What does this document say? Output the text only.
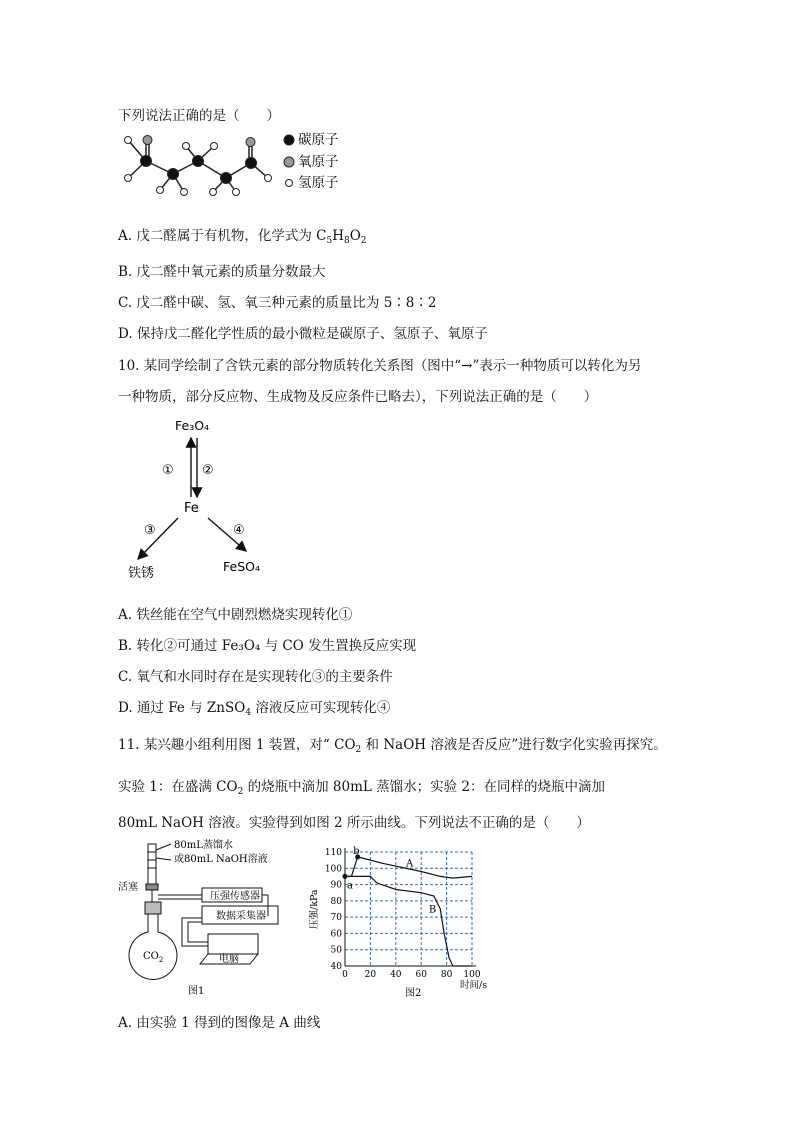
下列说法正确的是（　　）
碳原子
氧原子
氢原子
A. 戊二醛属于有机物，化学式为 $C_5H_8O_2$
B. 戊二醛中氧元素的质量分数最大
C. 戊二醛中碳、氢、氧三种元素的质量比为 5∶8∶2
D. 保持戊二醛化学性质的最小微粒是碳原子、氢原子、氧原子
10. 某同学绘制了含铁元素的部分物质转化关系图（图中“→”表示一种物质可以转化为另
一种物质，部分反应物、生成物及反应条件已略去），下列说法正确的是（　　）
Fe₃O₄
① ②
Fe
③	④
铁锈	FeSO₄
A. 铁丝能在空气中剧烈燃烧实现转化①
B. 转化②可通过 Fe₃O₄ 与 CO 发生置换反应实现
C. 氧气和水同时存在是实现转化③的主要条件
D. 通过 Fe 与 ZnSO$_4$ 溶液反应可实现转化④
11. 某兴趣小组利用图 1 装置，对“ $CO_2$ 和 NaOH 溶液是否反应”进行数字化实验再探究。
实验 1：在盛满 $CO_2$ 的烧瓶中滴加 80mL 蒸馏水；实验 2：在同样的烧瓶中滴加
80mL NaOH 溶液。实验得到如图 2 所示曲线。下列说法不正确的是（　　）
80mL蒸馏水
或80mL NaOH溶液
活塞
压强传感器
数据采集器
电脑
$CO_2$
图1
0 20 40 60 80 100
40
50
60
70
80
90
100
110
压强/kPa
时间/s
A
B
a
b
图2
A. 由实验 1 得到的图像是 A 曲线
